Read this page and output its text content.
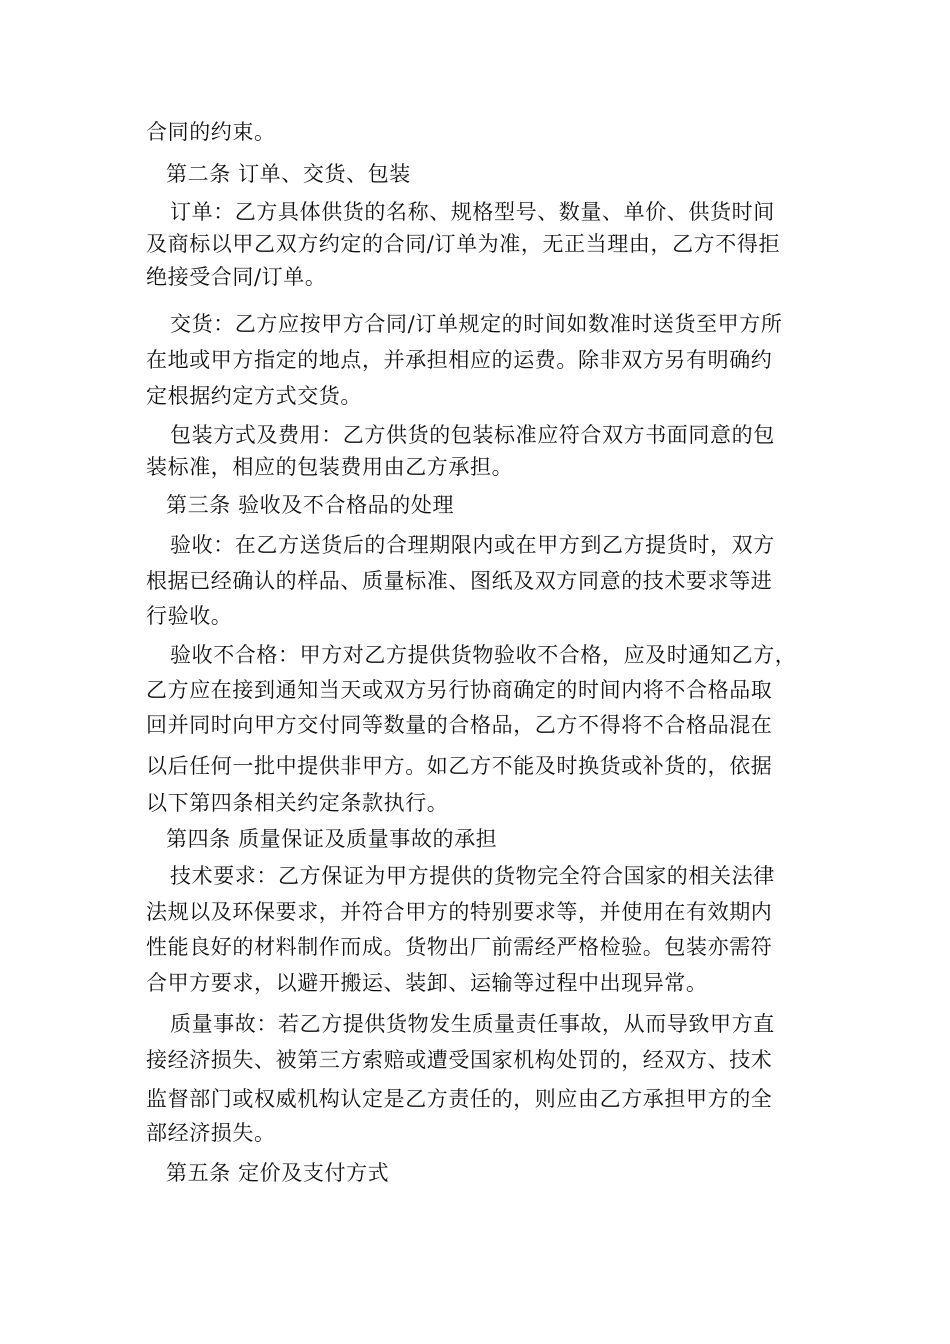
合同的约束。
第二条 订单、交货、包装
订单：乙方具体供货的名称、规格型号、数量、单价、供货时间
及商标以甲乙双方约定的合同/订单为准，无正当理由，乙方不得拒
绝接受合同/订单。
交货：乙方应按甲方合同/订单规定的时间如数准时送货至甲方所
在地或甲方指定的地点，并承担相应的运费。除非双方另有明确约
定根据约定方式交货。
包装方式及费用：乙方供货的包装标准应符合双方书面同意的包
装标准，相应的包装费用由乙方承担。
第三条 验收及不合格品的处理
验收：在乙方送货后的合理期限内或在甲方到乙方提货时，双方
根据已经确认的样品、质量标准、图纸及双方同意的技术要求等进
行验收。
验收不合格：甲方对乙方提供货物验收不合格，应及时通知乙方，
乙方应在接到通知当天或双方另行协商确定的时间内将不合格品取
回并同时向甲方交付同等数量的合格品，乙方不得将不合格品混在
以后任何一批中提供非甲方。如乙方不能及时换货或补货的，依据
以下第四条相关约定条款执行。
第四条 质量保证及质量事故的承担
技术要求：乙方保证为甲方提供的货物完全符合国家的相关法律
法规以及环保要求，并符合甲方的特别要求等，并使用在有效期内
性能良好的材料制作而成。货物出厂前需经严格检验。包装亦需符
合甲方要求，以避开搬运、装卸、运输等过程中出现异常。
质量事故：若乙方提供货物发生质量责任事故，从而导致甲方直
接经济损失、被第三方索赔或遭受国家机构处罚的，经双方、技术
监督部门或权威机构认定是乙方责任的，则应由乙方承担甲方的全
部经济损失。
第五条 定价及支付方式
